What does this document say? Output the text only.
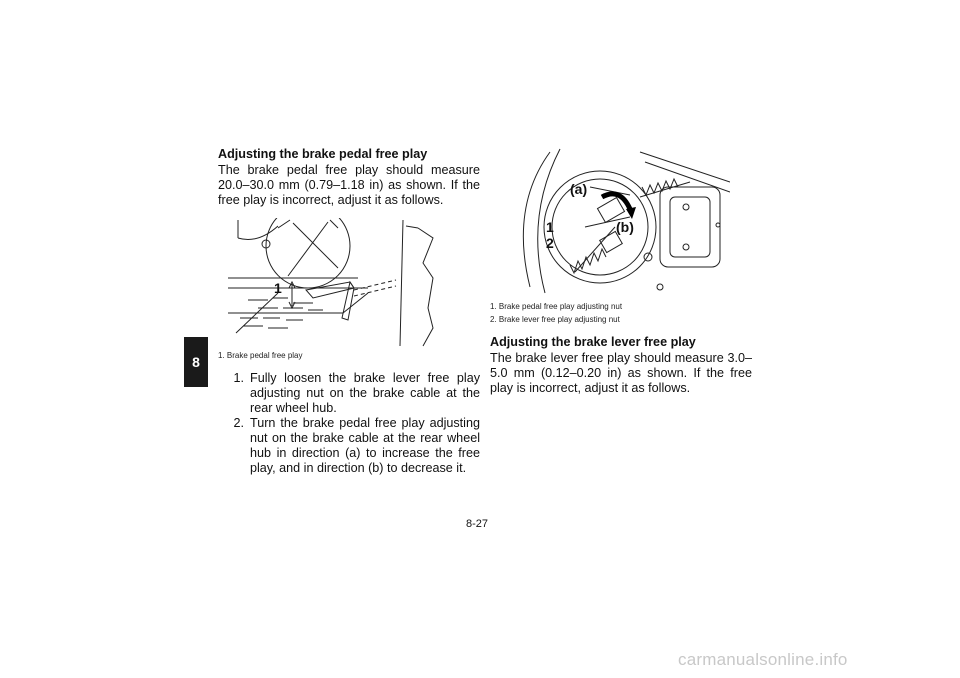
8
Adjusting the brake pedal free play

The brake pedal free play should measure 20.0–30.0 mm (0.79–1.18 in) as shown. If the free play is incorrect, adjust it as follows.

1

1. Brake pedal free play

1. Fully loosen the brake lever free play adjusting nut on the brake cable at the rear wheel hub.
2. Turn the brake pedal free play adjusting nut on the brake cable at the rear wheel hub in direction (a) to increase the free play, and in direction (b) to decrease it.
(a)
(b)
1
2

1. Brake pedal free play adjusting nut

2. Brake lever free play adjusting nut

Adjusting the brake lever free play

The brake lever free play should measure 3.0–5.0 mm (0.12–0.20 in) as shown. If the free play is incorrect, adjust it as follows.

8-27
carmanualsonline.info
